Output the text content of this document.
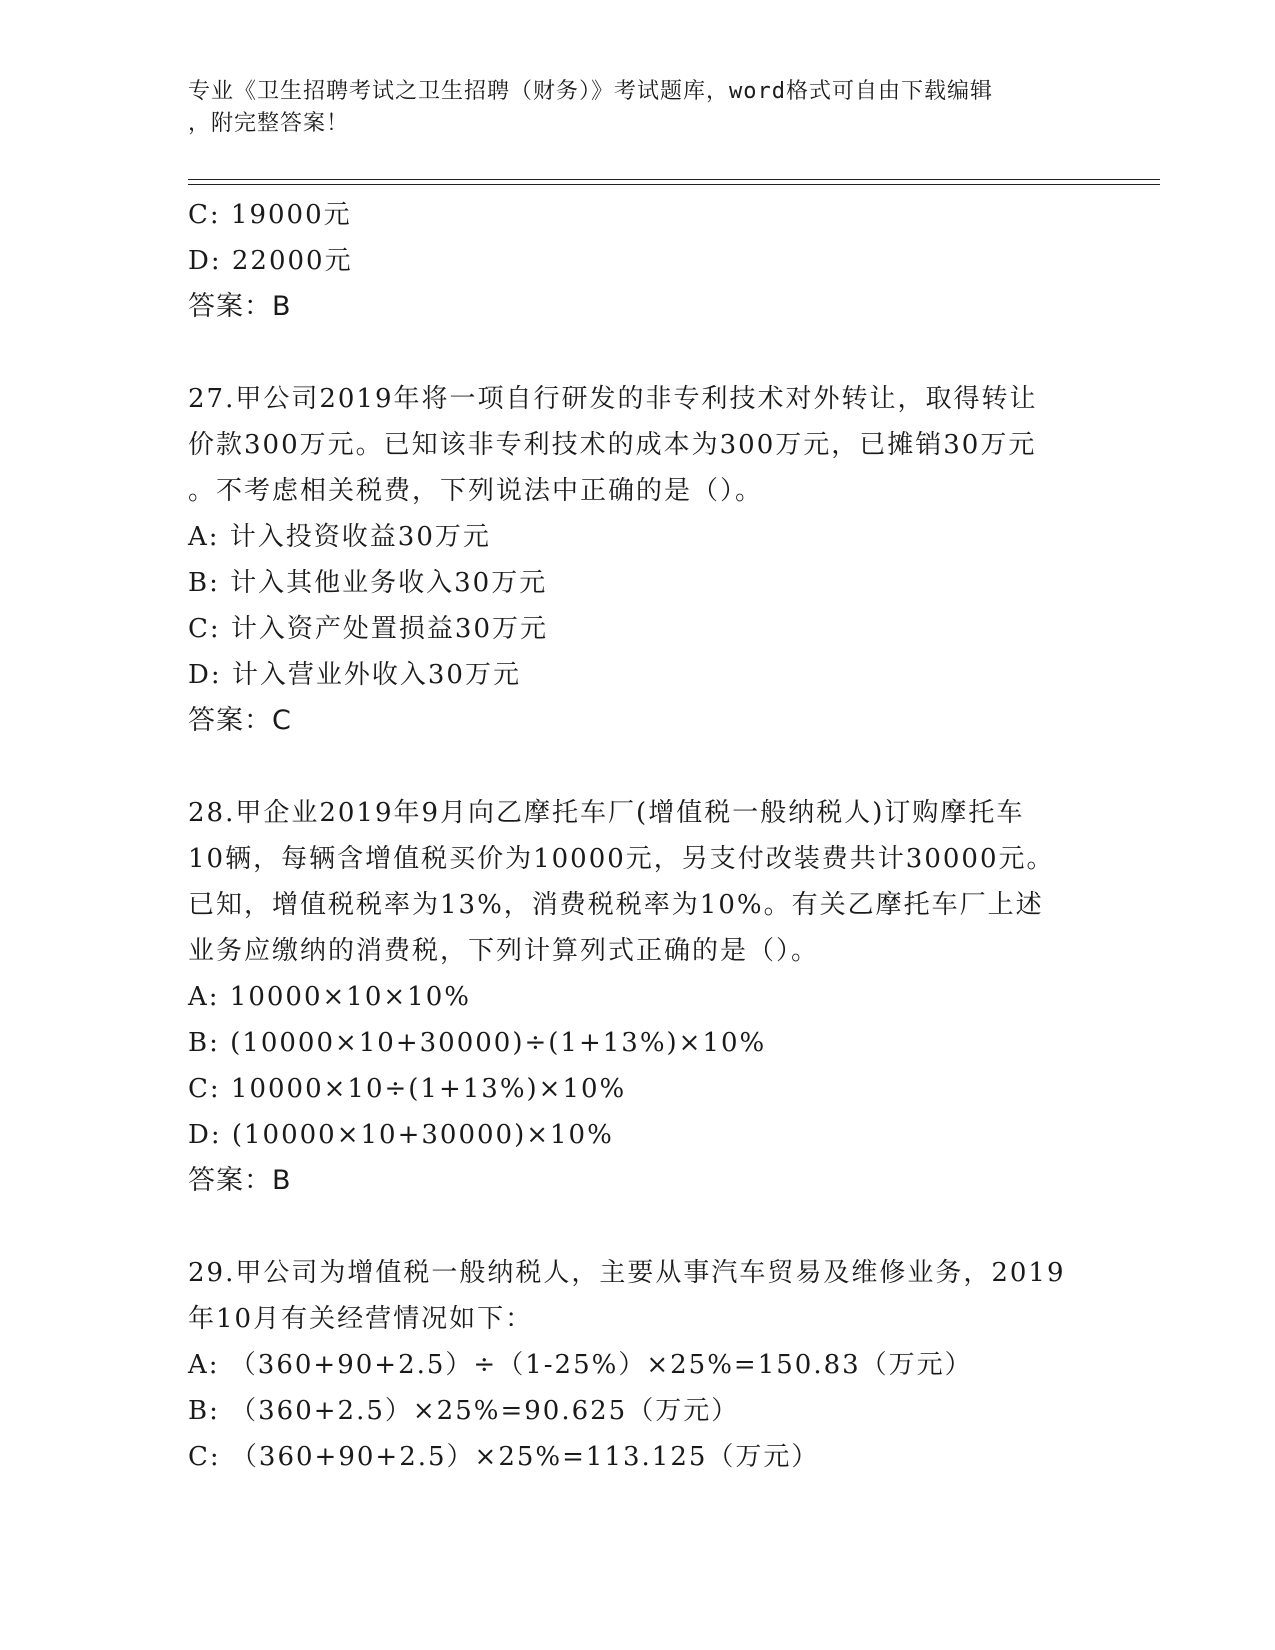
专业《卫生招聘考试之卫生招聘（财务）》考试题库，word格式可自由下载编辑
，附完整答案！
C: 19000元
D: 22000元
答案：B
27.甲公司2019年将一项自行研发的非专利技术对外转让，取得转让
价款300万元。已知该非专利技术的成本为300万元，已摊销30万元
。不考虑相关税费，下列说法中正确的是（）。
A: 计入投资收益30万元
B: 计入其他业务收入30万元
C: 计入资产处置损益30万元
D: 计入营业外收入30万元
答案：C
28.甲企业2019年9月向乙摩托车厂(增值税一般纳税人)订购摩托车
10辆，每辆含增值税买价为10000元，另支付改装费共计30000元。
已知，增值税税率为13%，消费税税率为10%。有关乙摩托车厂上述
业务应缴纳的消费税，下列计算列式正确的是（）。
A: 10000×10×10%
B: (10000×10+30000)÷(1+13%)×10%
C: 10000×10÷(1+13%)×10%
D: (10000×10+30000)×10%
答案：B
29.甲公司为增值税一般纳税人，主要从事汽车贸易及维修业务，2019
年10月有关经营情况如下：
A: （360+90+2.5）÷（1-25%）×25%=150.83（万元）
B: （360+2.5）×25%=90.625（万元）
C: （360+90+2.5）×25%=113.125（万元）
